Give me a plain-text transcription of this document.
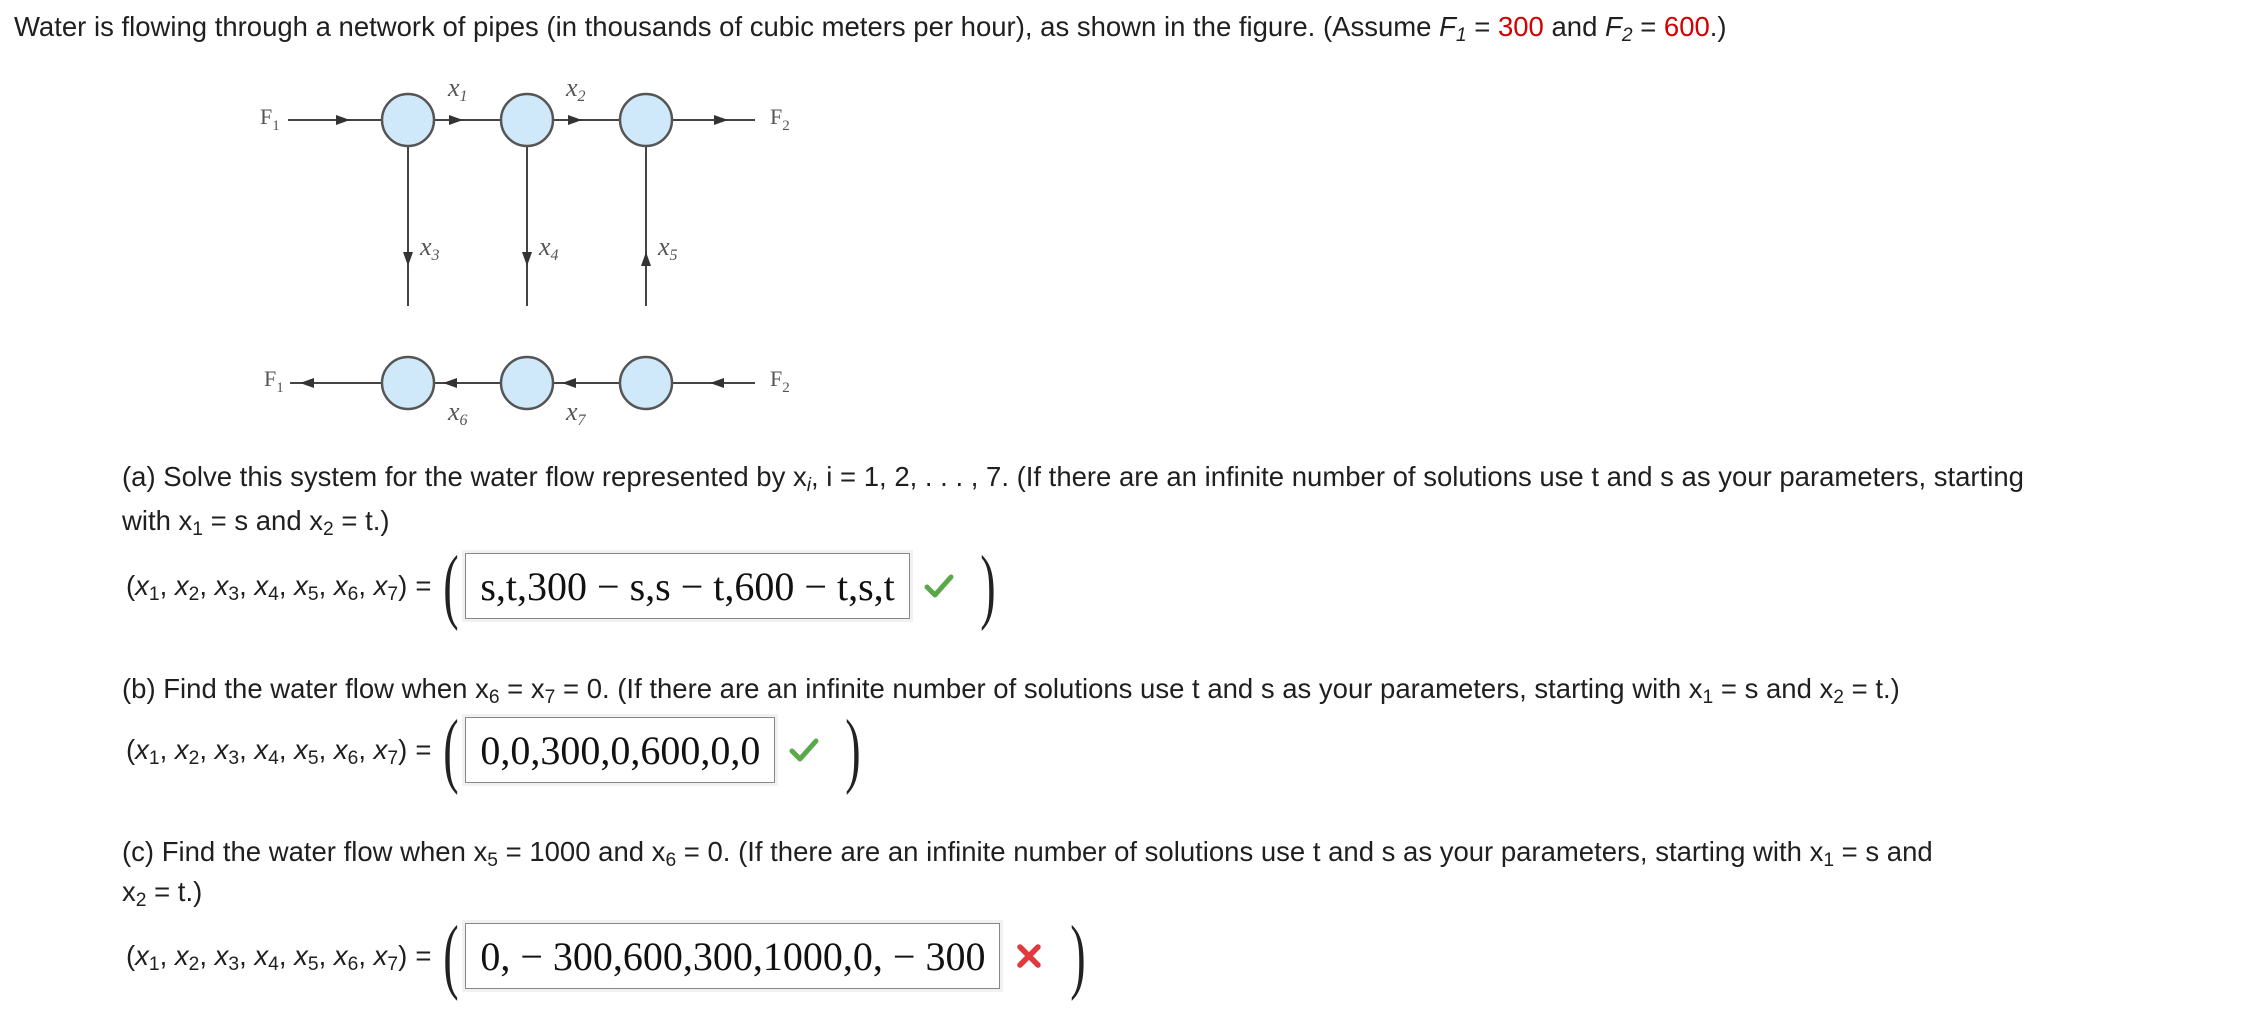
Water is flowing through a network of pipes (in thousands of cubic meters per hour), as shown in the figure. (Assume $F_1 = 300$ and $F_2 = 600$.)
$F_1$	$F_2$
$F_1$	$F_2$
x1	x2
x3	x4	x5
x6	x7
(a) Solve this system for the water flow represented by $x_i$, i = 1, 2, . . . , 7. (If there are an infinite number of solutions use t and s as your parameters, starting
with $x_1 = s$ and $x_2 = t$.)
($x_1$, $x_2$, $x_3$, $x_4$, $x_5$, $x_6$, $x_7$) = ( s,t,300 − s,s − t,600 − t,s,t )
(b) Find the water flow when $x_6 = x_7 = 0$. (If there are an infinite number of solutions use t and s as your parameters, starting with $x_1 = s$ and $x_2 = t$.)
($x_1$, $x_2$, $x_3$, $x_4$, $x_5$, $x_6$, $x_7$) = ( 0,0,300,0,600,0,0 )
(c) Find the water flow when $x_5 = 1000$ and $x_6 = 0$. (If there are an infinite number of solutions use t and s as your parameters, starting with $x_1 = s$ and
$x_2 = t$.)
($x_1$, $x_2$, $x_3$, $x_4$, $x_5$, $x_6$, $x_7$) = ( 0, − 300,600,300,1000,0, − 300 )
